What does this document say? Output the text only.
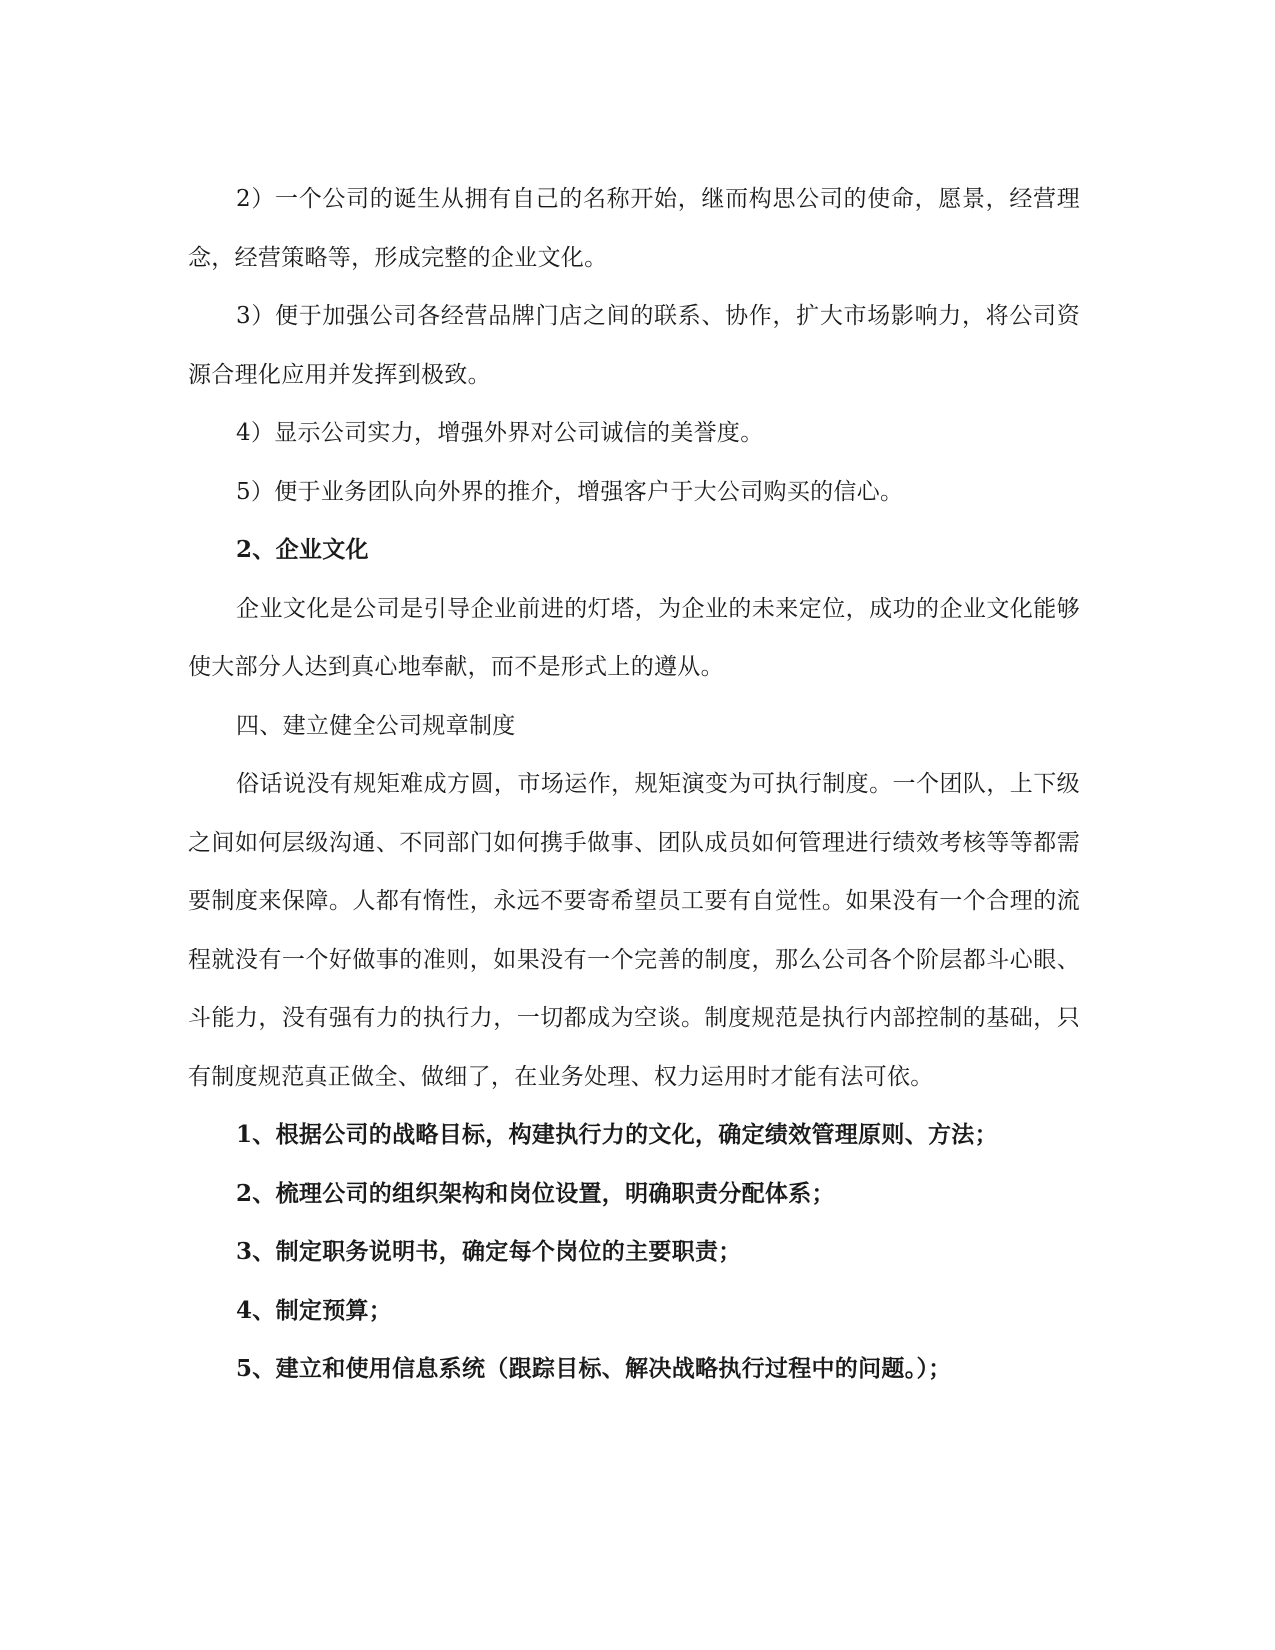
2）一个公司的诞生从拥有自己的名称开始，继而构思公司的使命，愿景，经营理念，经营策略等，形成完整的企业文化。

3）便于加强公司各经营品牌门店之间的联系、协作，扩大市场影响力，将公司资源合理化应用并发挥到极致。

4）显示公司实力，增强外界对公司诚信的美誉度。

5）便于业务团队向外界的推介，增强客户于大公司购买的信心。

2、企业文化

企业文化是公司是引导企业前进的灯塔，为企业的未来定位，成功的企业文化能够使大部分人达到真心地奉献，而不是形式上的遵从。

四、建立健全公司规章制度

俗话说没有规矩难成方圆，市场运作，规矩演变为可执行制度。一个团队，上下级之间如何层级沟通、不同部门如何携手做事、团队成员如何管理进行绩效考核等等都需要制度来保障。人都有惰性，永远不要寄希望员工要有自觉性。如果没有一个合理的流程就没有一个好做事的准则，如果没有一个完善的制度，那么公司各个阶层都斗心眼、斗能力，没有强有力的执行力，一切都成为空谈。制度规范是执行内部控制的基础，只有制度规范真正做全、做细了，在业务处理、权力运用时才能有法可依。

1、根据公司的战略目标，构建执行力的文化，确定绩效管理原则、方法；

2、梳理公司的组织架构和岗位设置，明确职责分配体系；

3、制定职务说明书，确定每个岗位的主要职责；

4、制定预算；

5、建立和使用信息系统（跟踪目标、解决战略执行过程中的问题。）；
